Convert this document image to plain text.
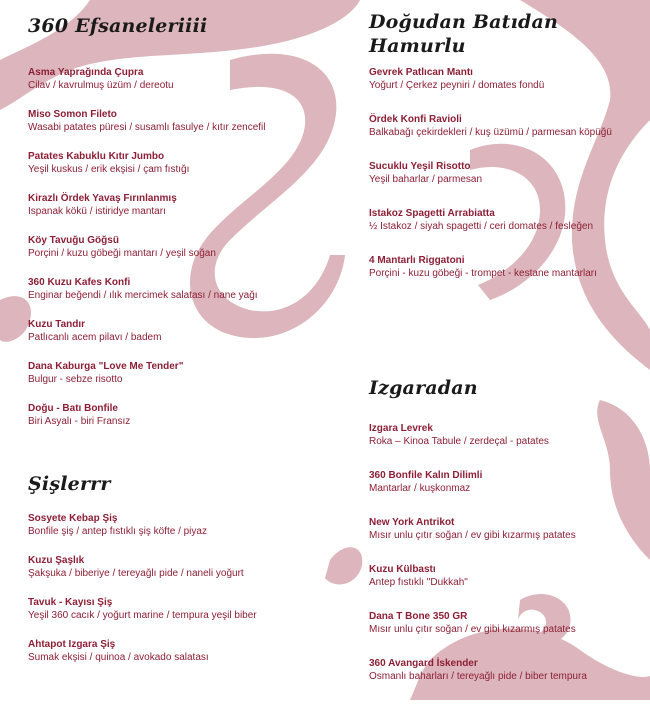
360 Efsaneleriiii
Asma Yaprağında Çupra
Cilav / kavrulmuş üzüm / dereotu
Miso Somon Fileto
Wasabi patates püresi / susamlı fasulye / kıtır zencefil
Patates Kabuklu Kıtır Jumbo
Yeşil kuskus / erik ekşisi / çam fıstığı
Kirazlı Ördek Yavaş Fırınlanmış
Ispanak kökü / istiridye mantarı
Köy Tavuğu Göğsü
Porçini / kuzu göbeği mantarı / yeşil soğan
360 Kuzu Kafes Konfi
Enginar beğendi / ılık mercimek salatası / nane yağı
Kuzu Tandır
Patlıcanlı acem pilavı / badem
Dana Kaburga "Love Me Tender"
Bulgur - sebze risotto
Doğu - Batı Bonfile
Biri Asyalı - biri Fransız
Şişlerrr
Sosyete Kebap Şiş
Bonfile şiş / antep fıstıklı şiş köfte / piyaz
Kuzu Şaşlık
Şakşuka / biberiye / tereyağlı pide / naneli yoğurt
Tavuk - Kayısı Şiş
Yeşil 360 cacık / yoğurt marine / tempura yeşil biber
Ahtapot Izgara Şiş
Sumak ekşisi / quinoa / avokado salatası
Doğudan Batıdan Hamurlu
Gevrek Patlıcan Mantı
Yoğurt / Çerkez peyniri / domates fondü
Ördek Konfi Ravioli
Balkabağı çekirdekleri / kuş üzümü / parmesan köpüğü
Sucuklu Yeşil Risotto
Yeşil baharlar / parmesan
Istakoz Spagetti Arrabiatta
½ Istakoz / siyah spagetti / ceri domates / fesleğen
4 Mantarlı Riggatoni
Porçini - kuzu göbeği - trompet - kestane mantarları
Izgaradan
Izgara Levrek
Roka – Kinoa Tabule / zerdeçal - patates
360 Bonfile Kalın Dilimli
Mantarlar / kuşkonmaz
New York Antrikot
Mısır unlu çıtır soğan / ev gibi kızarmış patates
Kuzu Külbastı
Antep fıstıklı "Dukkah"
Dana T Bone 350 GR
Mısır unlu çıtır soğan / ev gibi kızarmış patates
360 Avangard İskender
Osmanlı baharları / tereyağlı pide / biber tempura
